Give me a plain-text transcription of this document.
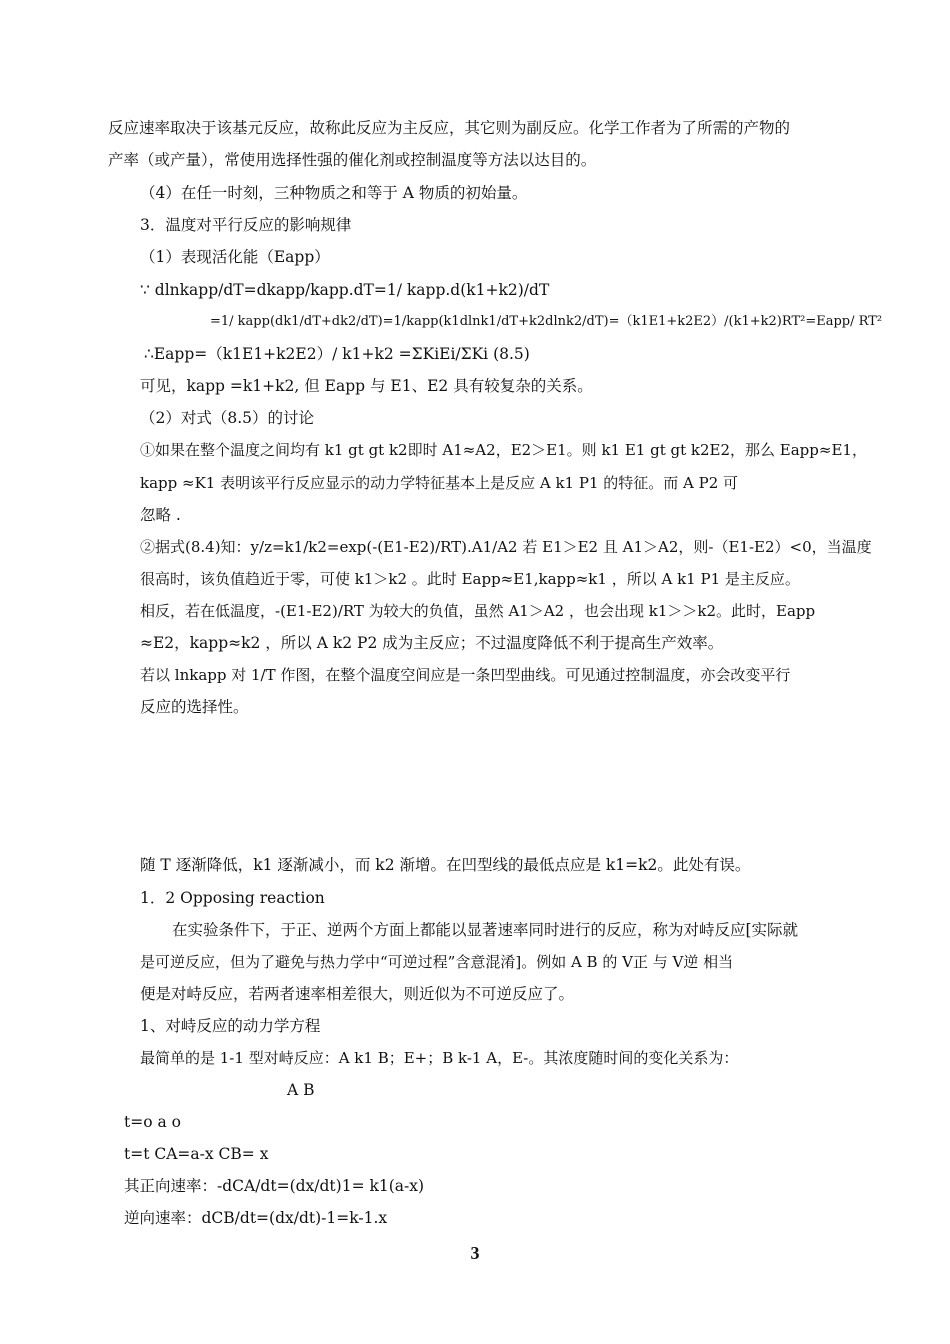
反应速率取决于该基元反应，故称此反应为主反应，其它则为副反应。化学工作者为了所需的产物的
产率（或产量），常使用选择性强的催化剂或控制温度等方法以达目的。
（4）在任一时刻，三种物质之和等于 A 物质的初始量。
3．温度对平行反应的影响规律
（1）表现活化能（Eapp）
∵ dlnkapp/dT=dkapp/kapp.dT=1/ kapp.d(k1+k2)/dT
=1/ kapp(dk1/dT+dk2/dT)=1/kapp(k1dlnk1/dT+k2dlnk2/dT)=（k1E1+k2E2）/(k1+k2)RT²=Eapp/ RT²
∴Eapp=（k1E1+k2E2）/ k1+k2 =ΣKiEi/ΣKi (8.5)
可见，kapp =k1+k2, 但 Eapp 与 E1、E2 具有较复杂的关系。
（2）对式（8.5）的讨论
①如果在整个温度之间均有 k1 gt gt k2即时 A1≈A2，E2＞E1。则 k1 E1 gt gt k2E2，那么 Eapp≈E1，
kapp ≈K1 表明该平行反应显示的动力学特征基本上是反应 A k1 P1 的特征。而 A P2 可
忽略 .
②据式(8.4)知：y/z=k1/k2=exp(-(E1-E2)/RT).A1/A2 若 E1＞E2 且 A1＞A2，则-（E1-E2）<0，当温度
很高时，该负值趋近于零，可使 k1＞k2 。此时 Eapp≈E1,kapp≈k1 ，所以 A k1 P1 是主反应。
相反，若在低温度，-(E1-E2)/RT 为较大的负值，虽然 A1＞A2 ，也会出现 k1＞＞k2。此时，Eapp
≈E2，kapp≈k2 ，所以 A k2 P2 成为主反应；不过温度降低不利于提高生产效率。
若以 lnkapp 对 1/T 作图，在整个温度空间应是一条凹型曲线。可见通过控制温度，亦会改变平行
反应的选择性。
随 T 逐渐降低，k1 逐渐减小，而 k2 渐增。在凹型线的最低点应是 k1=k2。此处有误。
1．2 Opposing reaction
在实验条件下，于正、逆两个方面上都能以显著速率同时进行的反应，称为对峙反应[实际就
是可逆反应，但为了避免与热力学中“可逆过程”含意混淆]。例如 A B 的 V正 与 V逆 相当
便是对峙反应，若两者速率相差很大，则近似为不可逆反应了。
1、对峙反应的动力学方程
最简单的是 1-1 型对峙反应：A k1 B；E+；B k-1 A，E-。其浓度随时间的变化关系为：
A B
t=o a o
t=t CA=a-x CB= x
其正向速率：-dCA/dt=(dx/dt)1= k1(a-x)
逆向速率：dCB/dt=(dx/dt)-1=k-1.x
3
